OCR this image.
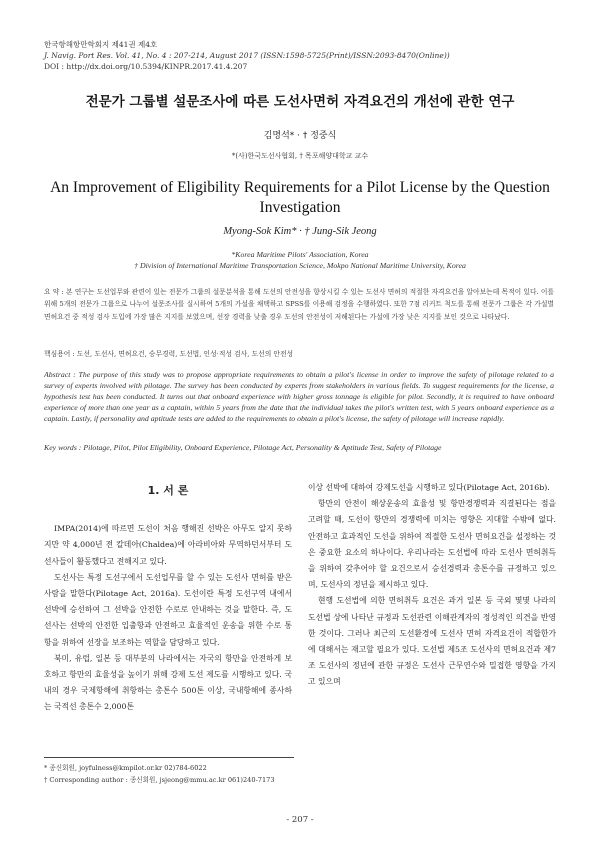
한국항해항만학회지 제41권 제4호
J. Navig. Port Res. Vol. 41, No. 4 : 207-214, August 2017 (ISSN:1598-5725(Print)/ISSN:2093-8470(Online))
DOI : http://dx.doi.org/10.5394/KINPR.2017.41.4.207
전문가 그룹별 설문조사에 따른 도선사면허 자격요건의 개선에 관한 연구
김명석* · † 정중식
*(사)한국도선사협회, † 목포해양대학교 교수
An Improvement of Eligibility Requirements for a Pilot License by the Question Investigation
Myong-Sok Kim* · † Jung-Sik Jeong
*Korea Maritime Pilots' Association, Korea
† Division of International Maritime Transportation Science, Mokpo National Maritime University, Korea
요 약 : 본 연구는 도선업무와 관련이 있는 전문가 그룹의 설문분석을 통해 도선의 안전성을 향상시킬 수 있는 도선사 면허의 적절한 자격요건을 알아보는데 목적이 있다. 이를 위해 5개의 전문가 그룹으로 나누어 설문조사를 실시하여 5개의 가설을 채택하고 SPSS를 이용해 검정을 수행하였다. 또한 7점 리커트 척도를 통해 전문가 그룹은 각 가설별 면허요건 중 적성 검사 도입에 가장 많은 지지를 보였으며, 선장 경력을 낮출 경우 도선의 안전성이 저해된다는 가설에 가장 낮은 지지를 보인 것으로 나타났다.
핵심용어 : 도선, 도선사, 면허요건, 승무경력, 도선법, 인성·적성 검사, 도선의 안전성
Abstract : The purpose of this study was to propose appropriate requirements to obtain a pilot's license in order to improve the safety of pilotage related to a survey of experts involved with pilotage. The survey has been conducted by experts from stakeholders in various fields. To suggest requirements for the license, a hypothesis test has been conducted. It turns out that onboard experience with higher gross tonnage is eligible for pilot. Secondly, it is required to have onboard experience of more than one year as a captain, within 5 years from the date that the individual takes the pilot's written test, with 5 years onboard experience as a captain. Lastly, if personality and aptitude tests are added to the requirements to obtain a pilot's license, the safety of pilotage will increase rapidly.
Key words : Pilotage, Pilot, Pilot Eligibility, Onboard Experience, Pilotage Act, Personality & Aptitude Test, Safety of Pilotage
1. 서 론

IMPA(2014)에 따르면 도선이 처음 행해진 선박은 아무도 알지 못하지만 약 4,000년 전 칼데아(Chaldea)에 아라비아와 무역하던서부터 도선사들이 활동했다고 전해지고 있다.

도선사는 특정 도선구에서 도선업무를 할 수 있는 도선사 면허를 받은 사람을 말한다(Pilotage Act, 2016a). 도선이란 특정 도선구역 내에서 선박에 승선하여 그 선박을 안전한 수로로 안내하는 것을 말한다. 즉, 도선사는 선박의 안전한 입출항과 안전하고 효율적인 운송을 위한 수로 통항을 위하여 선장을 보조하는 역할을 담당하고 있다.

북미, 유럽, 일본 등 대부분의 나라에서는 자국의 항만을 안전하게 보호하고 항만의 효율성을 높이기 위해 강제 도선 제도를 시행하고 있다. 국내의 경우 국제항해에 취항하는 총톤수 500톤 이상, 국내항해에 종사하는 국적선 총톤수 2,000톤

이상 선박에 대하여 강제도선을 시행하고 있다(Pilotage Act, 2016b).

항만의 안전이 해상운송의 효율성 및 항만경쟁력과 직결된다는 점을 고려할 때, 도선이 항만의 경쟁력에 미치는 영향은 지대할 수밖에 없다. 안전하고 효과적인 도선을 위하여 적절한 도선사 면허요건을 설정하는 것은 중요한 요소의 하나이다. 우리나라는 도선법에 따라 도선사 면허취득을 위하여 갖추어야 할 요건으로서 승선경력과 총톤수를 규정하고 있으며, 도선사의 정년을 제시하고 있다.

현행 도선법에 의한 면허취득 요건은 과거 일본 등 국외 몇몇 나라의 도선법 상에 나타난 규정과 도선관련 이해관계자의 정성적인 의견을 반영한 것이다. 그러나 최근의 도선환경에 도선사 면허 자격요건이 적합한가에 대해서는 재고할 필요가 있다. 도선법 제5조 도선사의 면허요건과 제7조 도선사의 정년에 관한 규정은 도선사 근무연수와 밀접한 영향을 가지고 있으며

* 종신회원, joyfulness@kmpilot.or.kr 02)784-6022
† Corresponding author : 종신회원, jsjeong@mmu.ac.kr 061)240-7173
- 207 -
